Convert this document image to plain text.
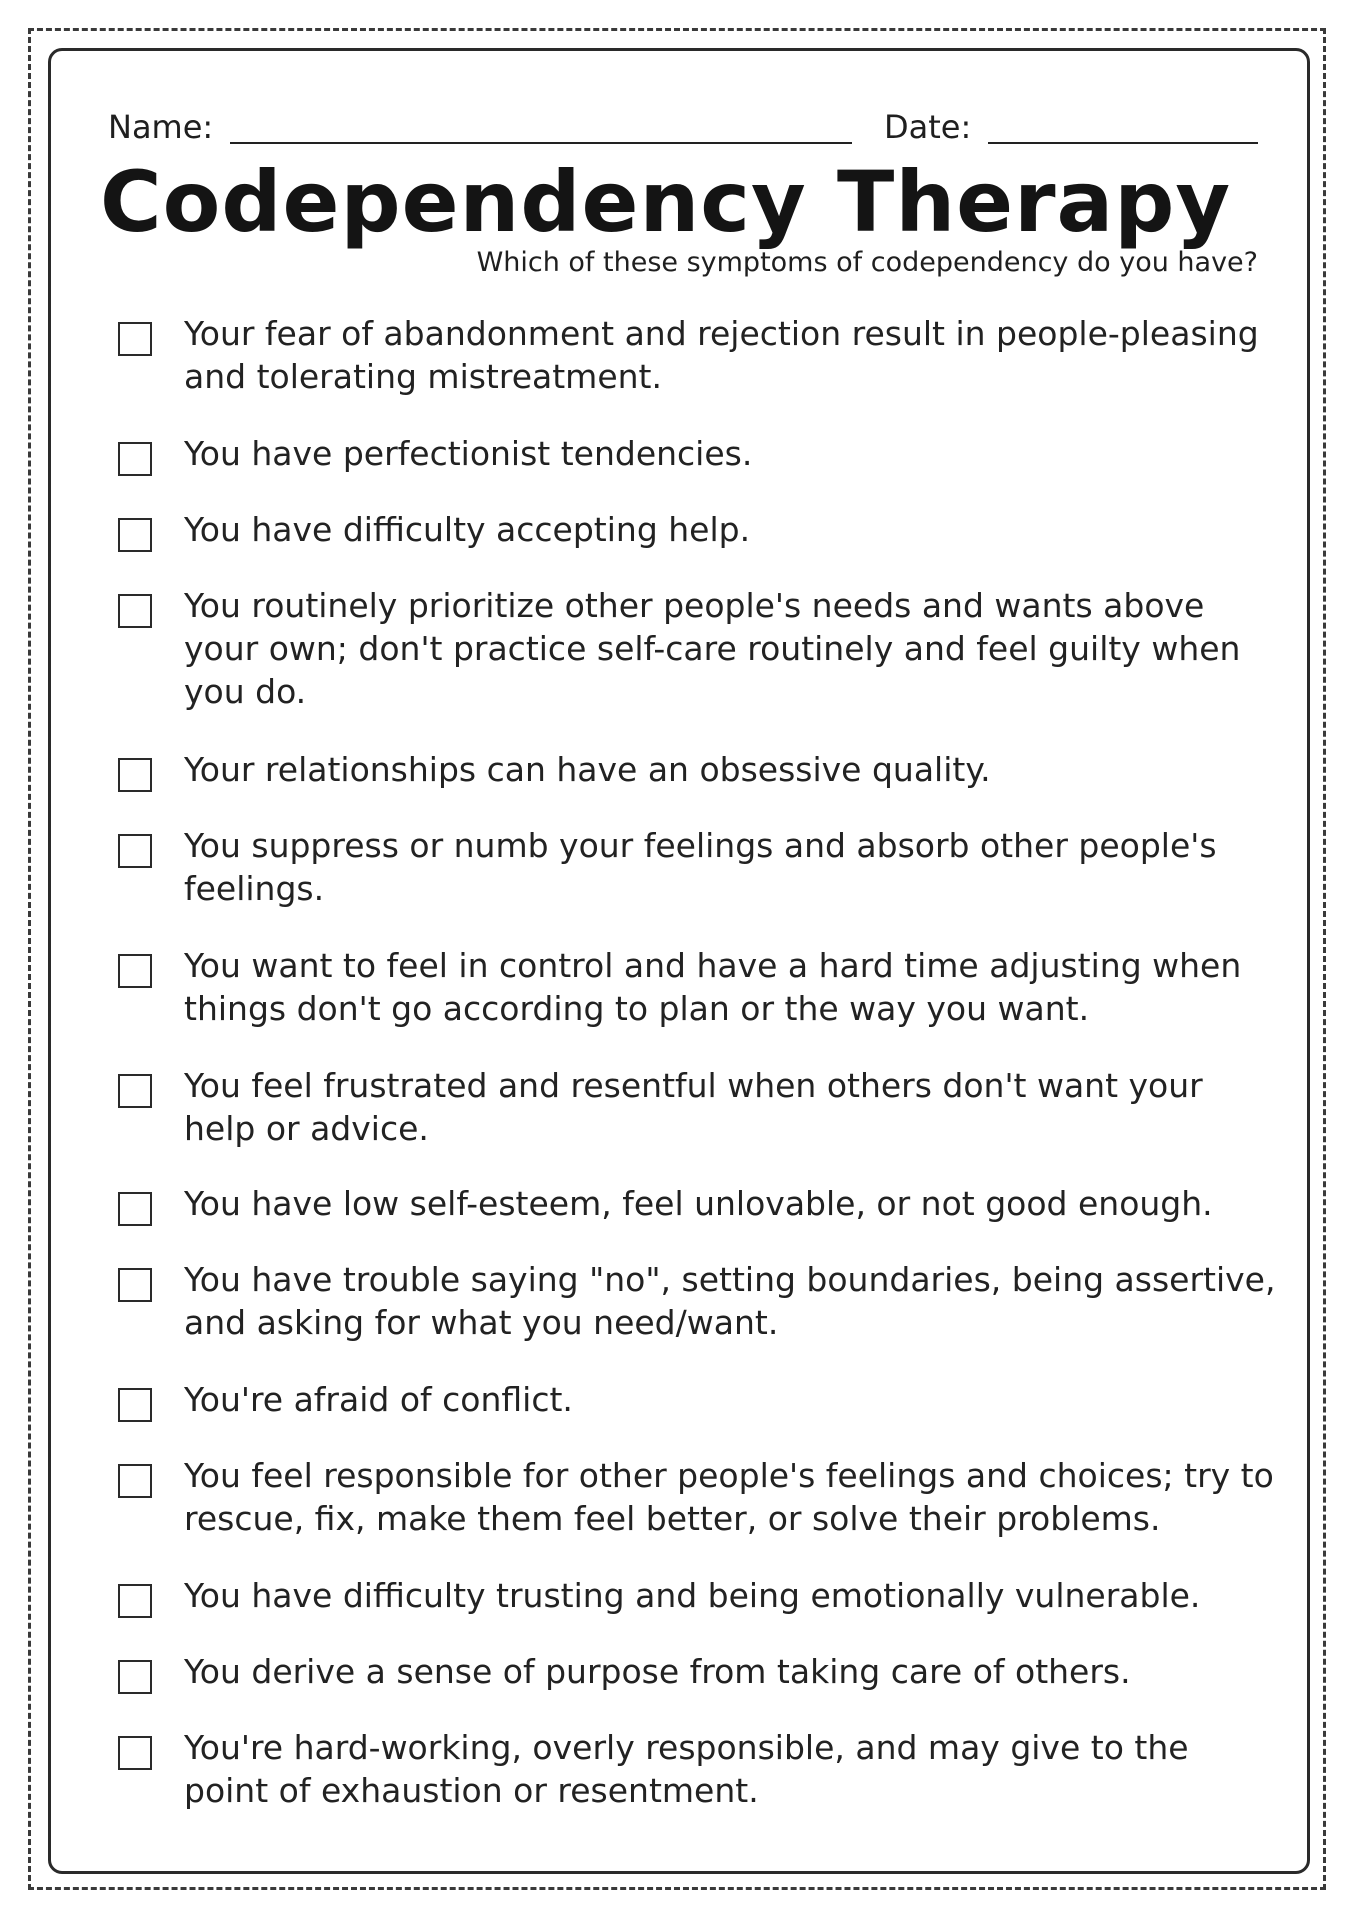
Name:	Date:
Codependency Therapy
Which of these symptoms of codependency do you have?
Your fear of abandonment and rejection result in people-pleasing and tolerating mistreatment.
You have perfectionist tendencies.
You have difficulty accepting help.
You routinely prioritize other people's needs and wants above your own; don't practice self-care routinely and feel guilty when you do.
Your relationships can have an obsessive quality.
You suppress or numb your feelings and absorb other people's feelings.
You want to feel in control and have a hard time adjusting when things don't go according to plan or the way you want.
You feel frustrated and resentful when others don't want your help or advice.
You have low self-esteem, feel unlovable, or not good enough.
You have trouble saying "no", setting boundaries, being assertive, and asking for what you need/want.
You're afraid of conflict.
You feel responsible for other people's feelings and choices; try to rescue, fix, make them feel better, or solve their problems.
You have difficulty trusting and being emotionally vulnerable.
You derive a sense of purpose from taking care of others.
You're hard-working, overly responsible, and may give to the point of exhaustion or resentment.
